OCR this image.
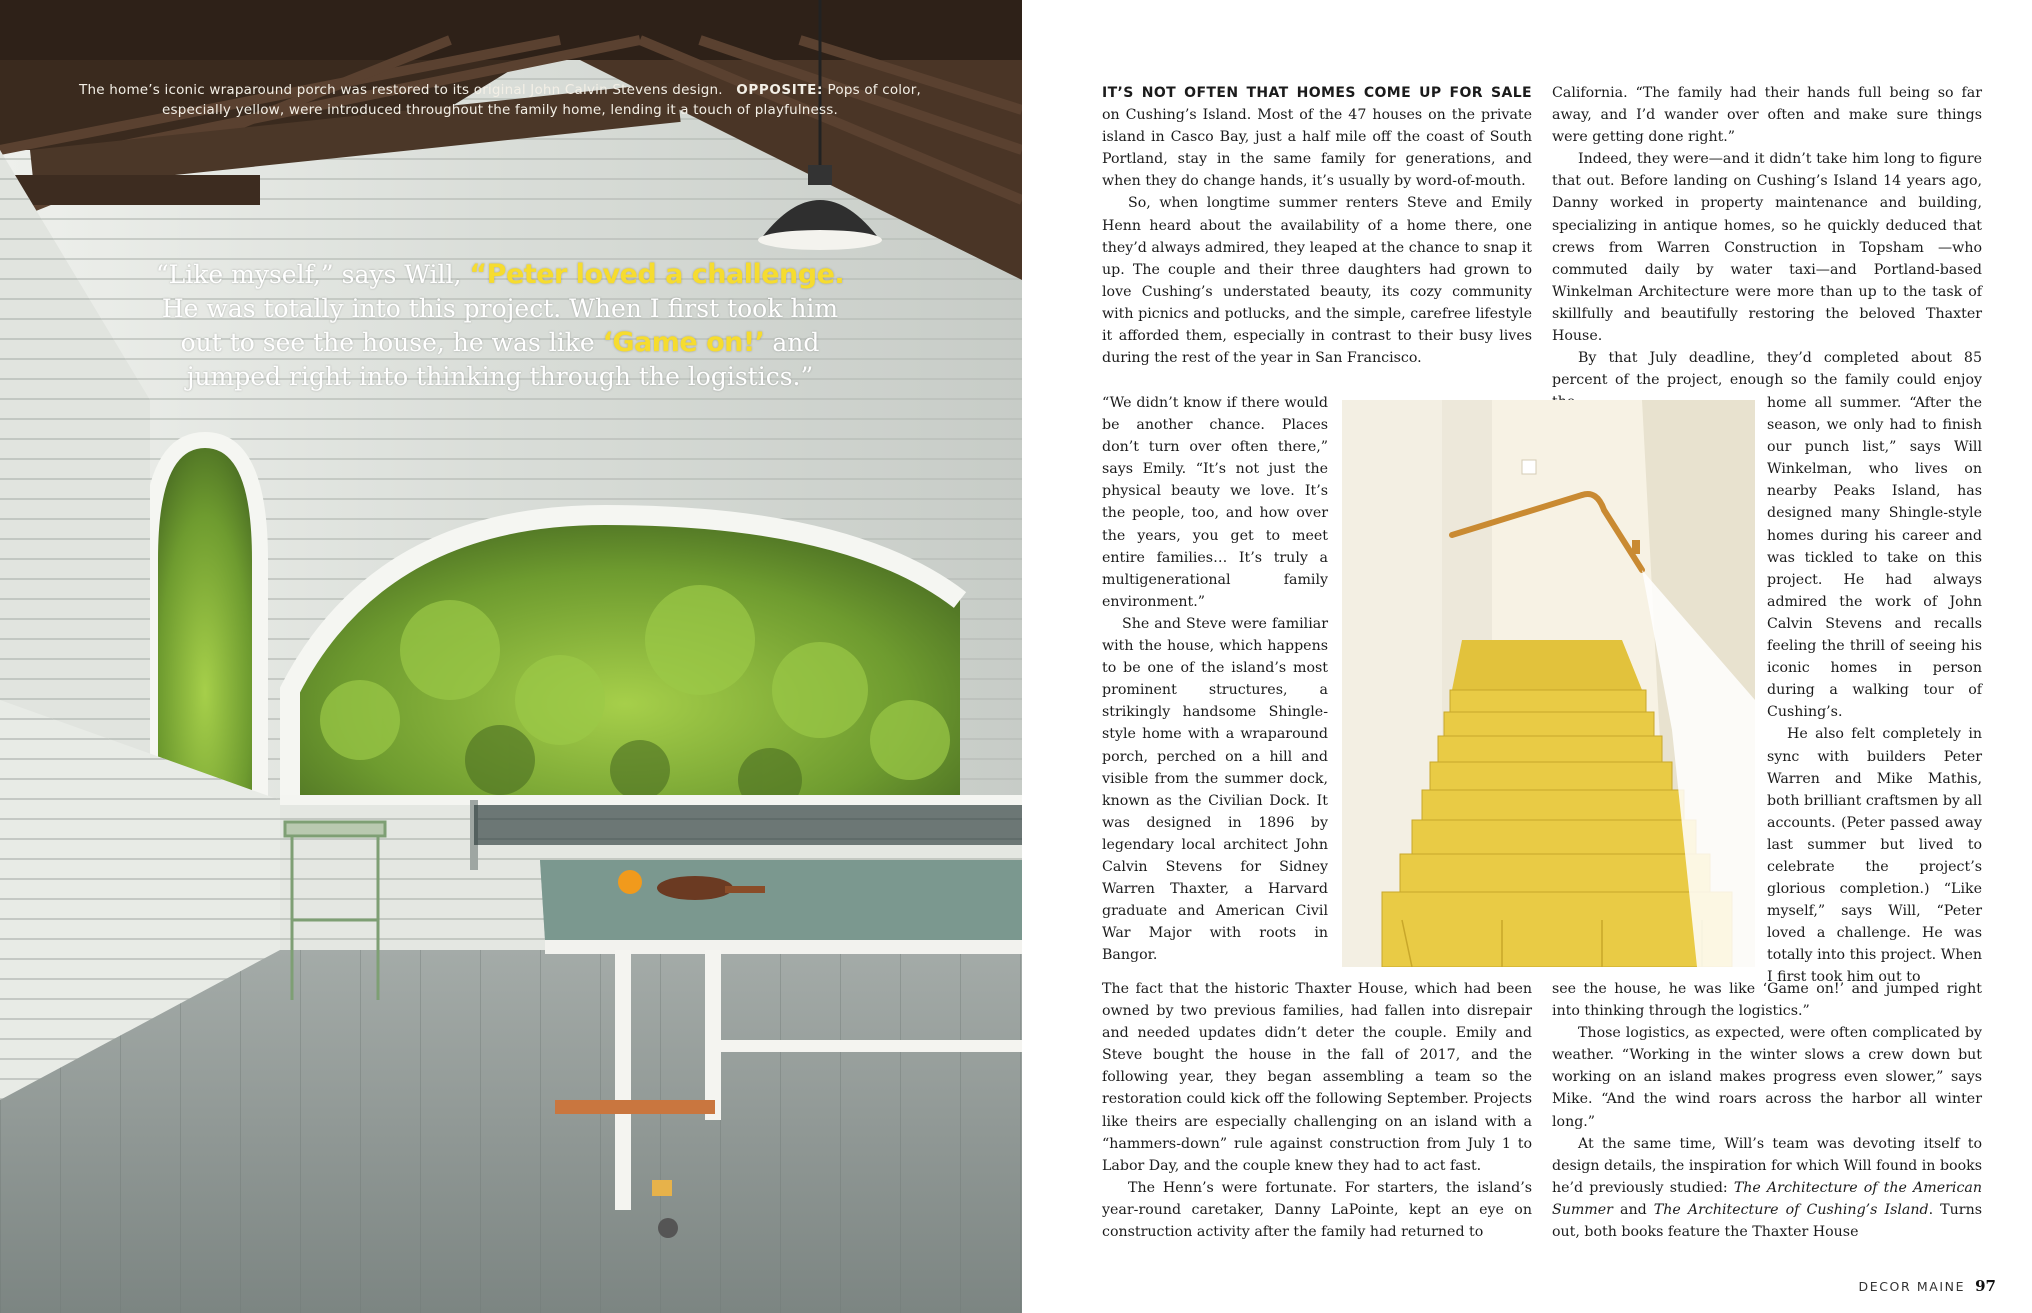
The home’s iconic wraparound porch was restored to its original John Calvin Stevens design. OPPOSITE: Pops of color, especially yellow, were introduced throughout the family home, lending it a touch of playfulness.
“Like myself,” says Will, “Peter loved a challenge. He was totally into this project. When I first took him out to see the house, he was like ‘Game on!’ and jumped right into thinking through the logistics.”

IT’S NOT OFTEN THAT HOMES COME UP FOR SALE on Cushing’s Island. Most of the 47 houses on the private island in Casco Bay, just a half mile off the coast of South Portland, stay in the same family for generations, and when they do change hands, it’s usually by word-of-mouth.

So, when longtime summer renters Steve and Emily Henn heard about the availability of a home there, one they’d always admired, they leaped at the chance to snap it up. The couple and their three daughters had grown to love Cushing’s understated beauty, its cozy community with picnics and potlucks, and the simple, carefree lifestyle it afforded them, especially in contrast to their busy lives during the rest of the year in San Francisco.

“We didn’t know if there would be another chance. Places don’t turn over often there,” says Emily. “It’s not just the physical beauty we love. It’s the people, too, and how over the years, you get to meet entire families… It’s truly a multigenerational family environment.”

She and Steve were familiar with the house, which happens to be one of the island’s most prominent structures, a strikingly handsome Shingle-style home with a wraparound porch, perched on a hill and visible from the summer dock, known as the Civilian Dock. It was designed in 1896 by legendary local architect John Calvin Stevens for Sidney Warren Thaxter, a Harvard graduate and American Civil War Major with roots in Bangor.

The fact that the historic Thaxter House, which had been owned by two previous families, had fallen into disrepair and needed updates didn’t deter the couple. Emily and Steve bought the house in the fall of 2017, and the following year, they began assembling a team so the restoration could kick off the following September. Projects like theirs are especially challenging on an island with a “hammers-down” rule against construction from July 1 to Labor Day, and the couple knew they had to act fast.

The Henn’s were fortunate. For starters, the island’s year-round caretaker, Danny LaPointe, kept an eye on construction activity after the family had returned to

California. “The family had their hands full being so far away, and I’d wander over often and make sure things were getting done right.”

Indeed, they were—and it didn’t take him long to figure that out. Before landing on Cushing’s Island 14 years ago, Danny worked in property maintenance and building, specializing in antique homes, so he quickly deduced that crews from Warren Construction in Topsham —who commuted daily by water taxi—and Portland-based Winkelman Architecture were more than up to the task of skillfully and beautifully restoring the beloved Thaxter House.

By that July deadline, they’d completed about 85 percent of the project, enough so the family could enjoy

home all summer. “After the season, we only had to finish our punch list,” says Will Winkelman, who lives on nearby Peaks Island, has designed many Shingle-style homes during his career and was tickled to take on this project. He had always admired the work of John Calvin Stevens and recalls feeling the thrill of seeing his iconic homes in person during a walking tour of Cushing’s.

He also felt completely in sync with builders Peter Warren and Mike Mathis, both brilliant craftsmen by all accounts. (Peter passed away last summer but lived to celebrate the project’s glorious completion.) “Like myself,” says Will, “Peter loved a challenge. He was totally into this project. When I first took him out to

see the house, he was like ‘Game on!’ and jumped right into thinking through the logistics.”

Those logistics, as expected, were often complicated by weather. “Working in the winter slows a crew down but working on an island makes progress even slower,” says Mike. “And the wind roars across the harbor all winter long.”

At the same time, Will’s team was devoting itself to design details, the inspiration for which Will found in books he’d previously studied: The Architecture of the American Summer and The Architecture of Cushing’s Island. Turns out, both books feature the Thaxter House

DECOR MAINE 97
